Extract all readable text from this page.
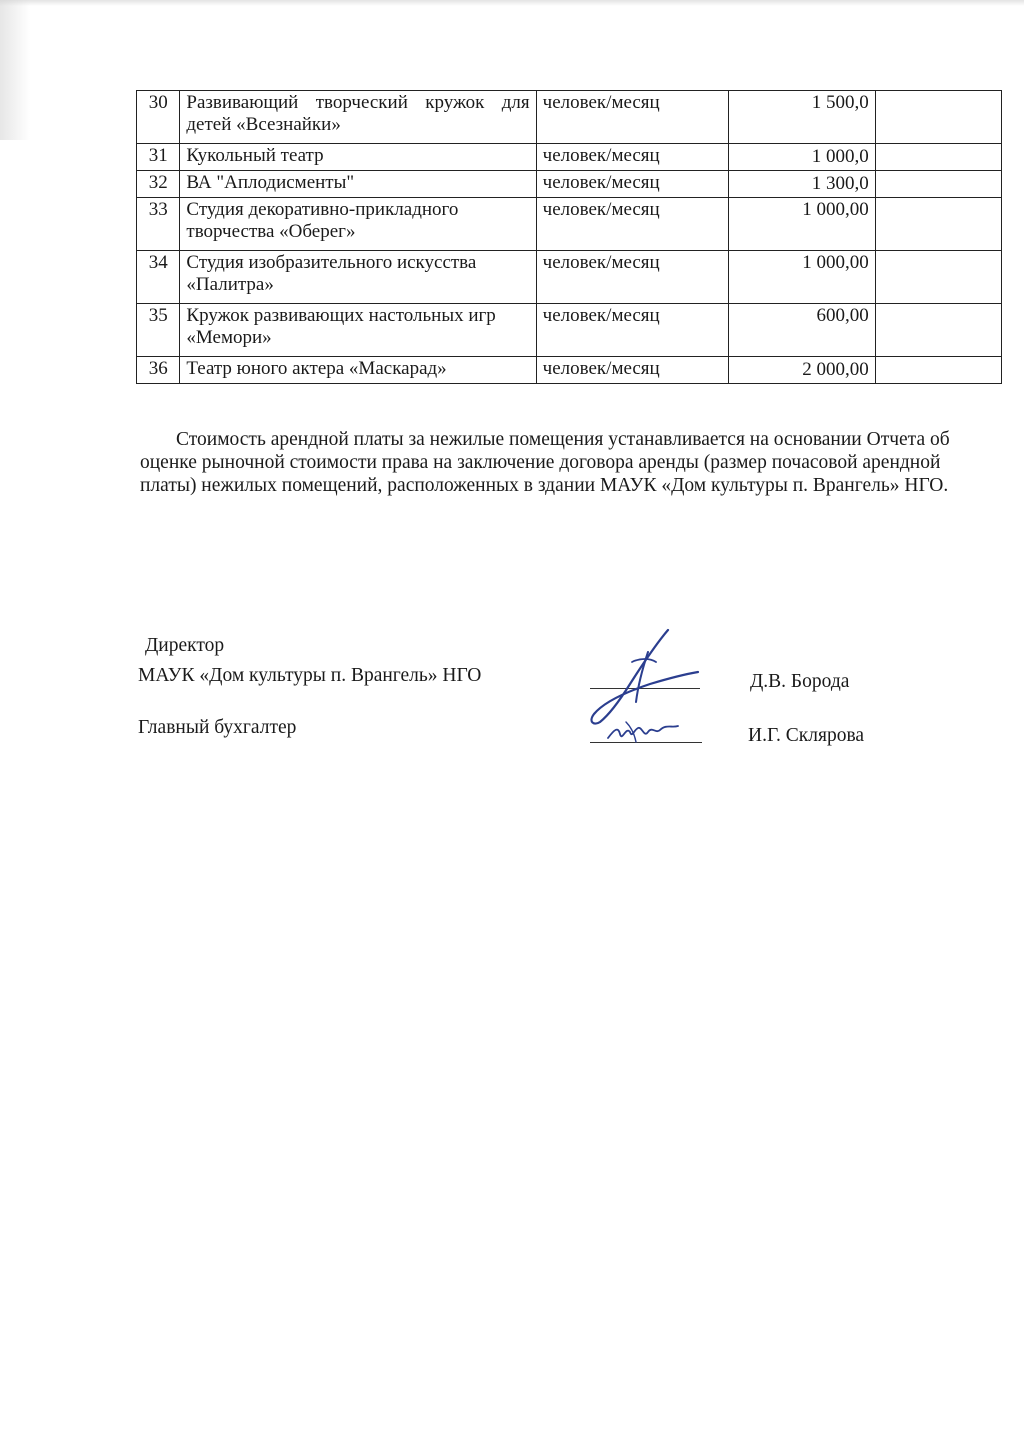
30	Развивающий творческий кружок для детей «Всезнайки»	человек/месяц	1 500,0	
31	Кукольный театр	человек/месяц	1 000,0	
32	ВА "Аплодисменты"	человек/месяц	1 300,0	
33	Студия декоративно-прикладного творчества «Оберег»	человек/месяц	1 000,00	
34	Студия изобразительного искусства «Палитра»	человек/месяц	1 000,00	
35	Кружок развивающих настольных игр «Мемори»	человек/месяц	600,00	
36	Театр юного актера «Маскарад»	человек/месяц	2 000,00	

Стоимость арендной платы за нежилые помещения устанавливается на основании Отчета об оценке рыночной стоимости права на заключение договора аренды (размер почасовой арендной платы) нежилых помещений, расположенных в здании МАУК «Дом культуры п. Врангель» НГО.

Директор
МАУК «Дом культуры п. Врангель» НГО	Д.В. Борода
Главный бухгалтер	И.Г. Склярова
